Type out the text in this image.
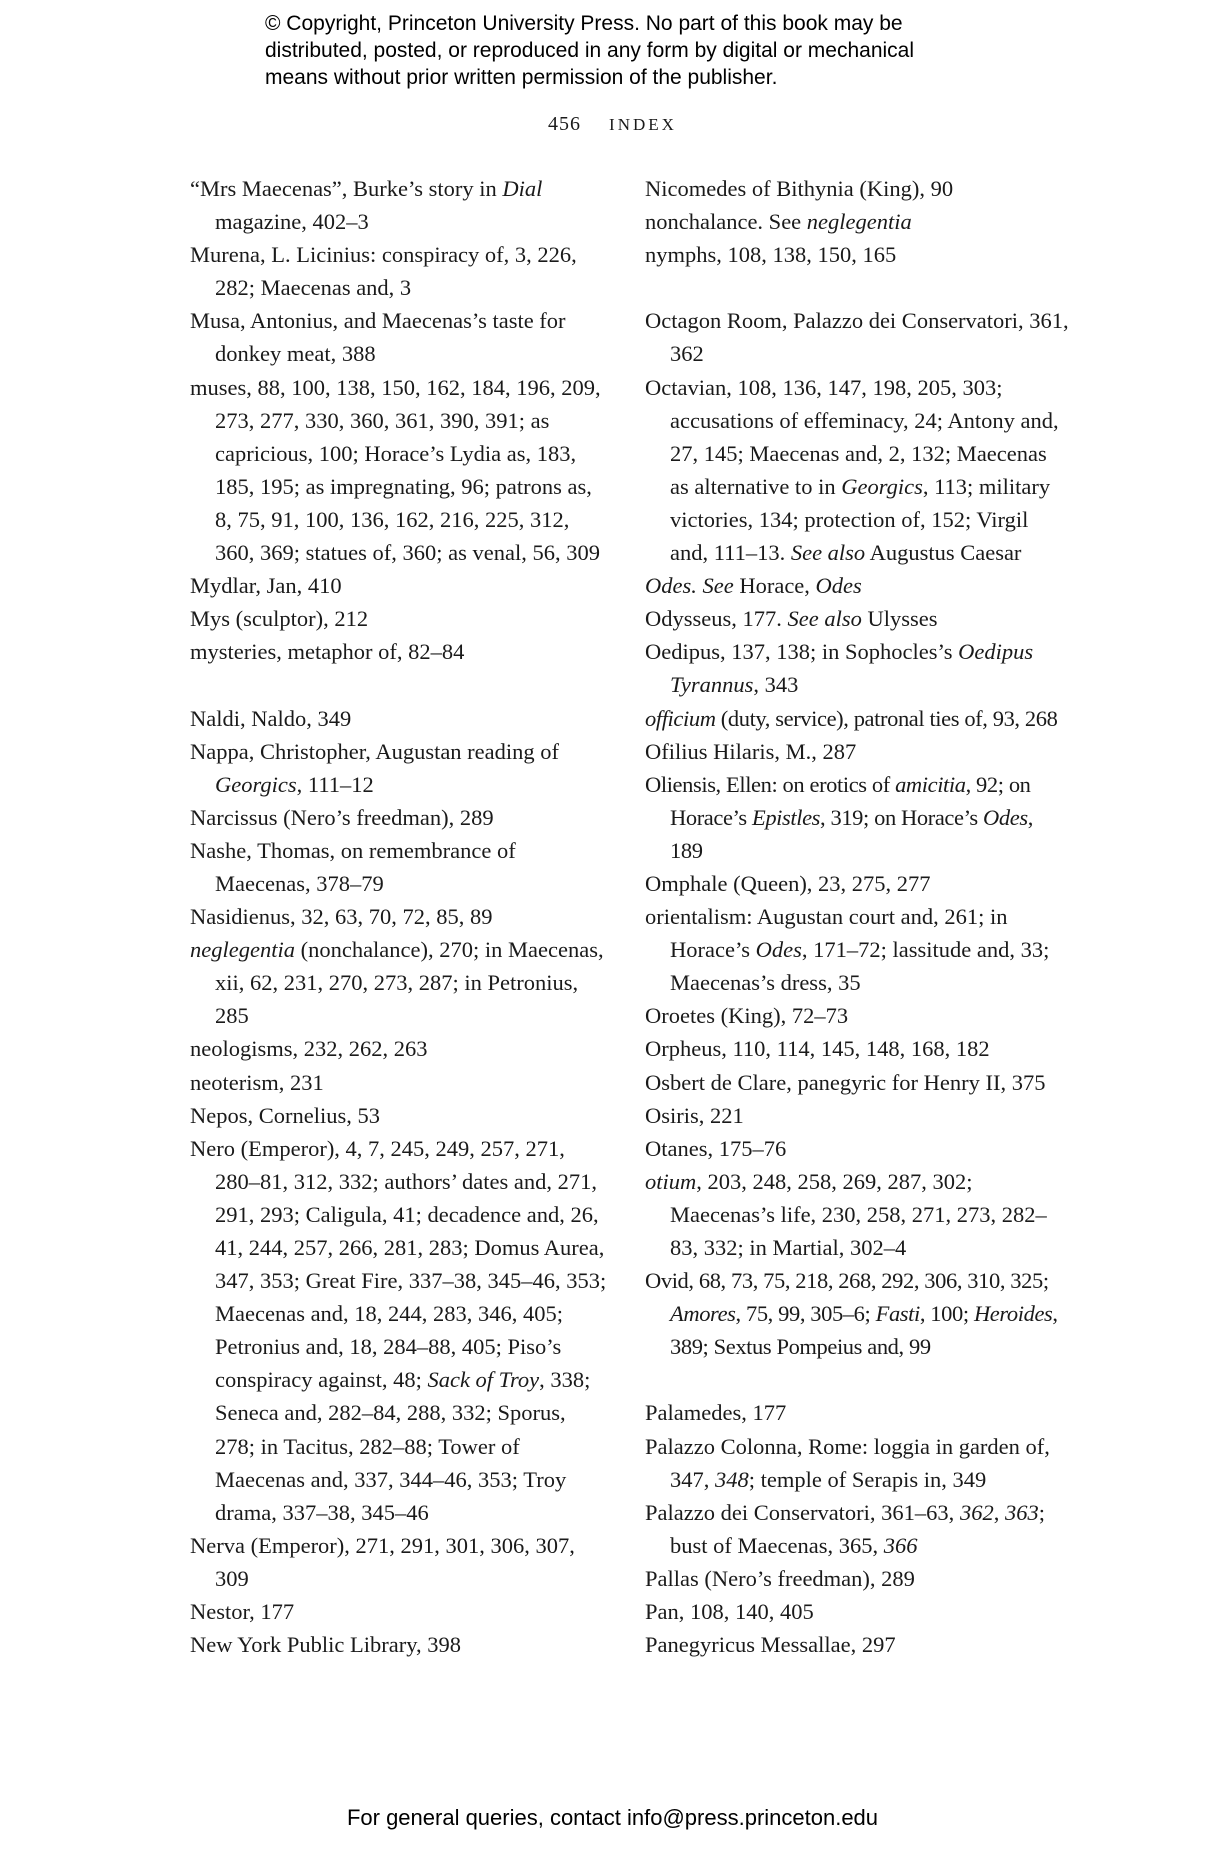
© Copyright, Princeton University Press. No part of this book may be
distributed, posted, or reproduced in any form by digital or mechanical
means without prior written permission of the publisher.
456 INDEX
“Mrs Maecenas”, Burke’s story in Dial magazine, 402–3
Murena, L. Licinius: conspiracy of, 3, 226, 282; Maecenas and, 3
Musa, Antonius, and Maecenas’s taste for donkey meat, 388
muses, 88, 100, 138, 150, 162, 184, 196, 209, 273, 277, 330, 360, 361, 390, 391; as capricious, 100; Horace’s Lydia as, 183, 185, 195; as impregnating, 96; patrons as, 8, 75, 91, 100, 136, 162, 216, 225, 312, 360, 369; statues of, 360; as venal, 56, 309
Mydlar, Jan, 410
Mys (sculptor), 212
mysteries, metaphor of, 82–84
Naldi, Naldo, 349
Nappa, Christopher, Augustan reading of Georgics, 111–12
Narcissus (Nero’s freedman), 289
Nashe, Thomas, on remembrance of Maecenas, 378–79
Nasidienus, 32, 63, 70, 72, 85, 89
neglegentia (nonchalance), 270; in Maecenas, xii, 62, 231, 270, 273, 287; in Petronius, 285
neologisms, 232, 262, 263
neoterism, 231
Nepos, Cornelius, 53
Nero (Emperor), 4, 7, 245, 249, 257, 271, 280–81, 312, 332; authors’ dates and, 271, 291, 293; Caligula, 41; decadence and, 26, 41, 244, 257, 266, 281, 283; Domus Aurea, 347, 353; Great Fire, 337–38, 345–46, 353; Maecenas and, 18, 244, 283, 346, 405; Petronius and, 18, 284–88, 405; Piso’s conspiracy against, 48; Sack of Troy, 338; Seneca and, 282–84, 288, 332; Sporus, 278; in Tacitus, 282–88; Tower of Maecenas and, 337, 344–46, 353; Troy drama, 337–38, 345–46
Nerva (Emperor), 271, 291, 301, 306, 307, 309
Nestor, 177
New York Public Library, 398
Nicomedes of Bithynia (King), 90
nonchalance. See neglegentia
nymphs, 108, 138, 150, 165
Octagon Room, Palazzo dei Conservatori, 361, 362
Octavian, 108, 136, 147, 198, 205, 303; accusations of effeminacy, 24; Antony and, 27, 145; Maecenas and, 2, 132; Maecenas as alternative to in Georgics, 113; military victories, 134; protection of, 152; Virgil and, 111–13. See also Augustus Caesar
Odes. See Horace, Odes
Odysseus, 177. See also Ulysses
Oedipus, 137, 138; in Sophocles’s Oedipus Tyrannus, 343
officium (duty, service), patronal ties of, 93, 268
Ofilius Hilaris, M., 287
Oliensis, Ellen: on erotics of amicitia, 92; on Horace’s Epistles, 319; on Horace’s Odes, 189
Omphale (Queen), 23, 275, 277
orientalism: Augustan court and, 261; in Horace’s Odes, 171–72; lassitude and, 33; Maecenas’s dress, 35
Oroetes (King), 72–73
Orpheus, 110, 114, 145, 148, 168, 182
Osbert de Clare, panegyric for Henry II, 375
Osiris, 221
Otanes, 175–76
otium, 203, 248, 258, 269, 287, 302; Maecenas’s life, 230, 258, 271, 273, 282–83, 332; in Martial, 302–4
Ovid, 68, 73, 75, 218, 268, 292, 306, 310, 325; Amores, 75, 99, 305–6; Fasti, 100; Heroides, 389; Sextus Pompeius and, 99
Palamedes, 177
Palazzo Colonna, Rome: loggia in garden of, 347, 348; temple of Serapis in, 349
Palazzo dei Conservatori, 361–63, 362, 363; bust of Maecenas, 365, 366
Pallas (Nero’s freedman), 289
Pan, 108, 140, 405
Panegyricus Messallae, 297
For general queries, contact info@press.princeton.edu
